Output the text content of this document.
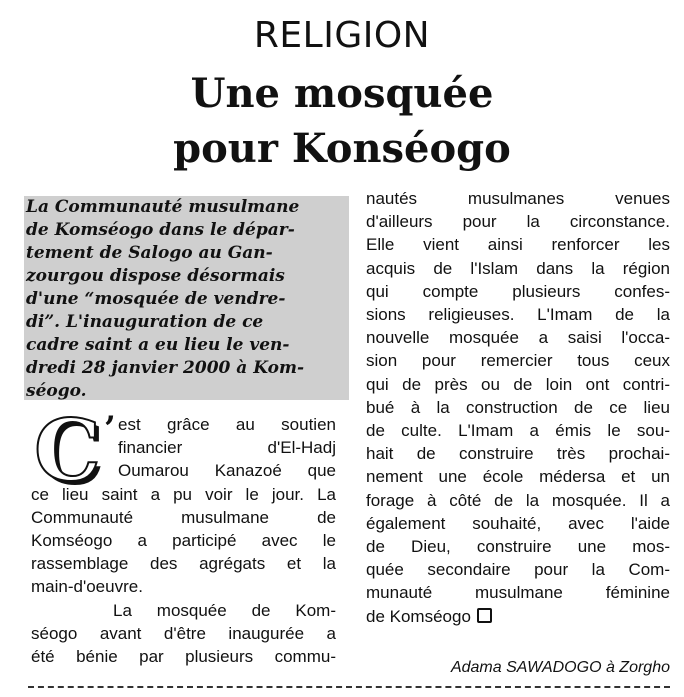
RELIGION
Une mosquée
pour Konséogo
La Communauté musulmane
de Komséogo dans le dépar-
tement de Salogo au Gan-
zourgou dispose désormais
d'une “mosquée de vendre-
di”. L'inauguration de ce
cadre saint a eu lieu le ven-
dredi 28 janvier 2000 à Kom-
séogo.
C ’ est grâce au soutien
financier d'El-Hadj
Oumarou Kanazoé que
ce lieu saint a pu voir le jour. La
Communauté musulmane de
Komséogo a participé avec le
rassemblage des agrégats et la
main-d'oeuvre.
La mosquée de Kom-
séogo avant d'être inaugurée a
été bénie par plusieurs commu-
nautés musulmanes venues
d'ailleurs pour la circonstance.
Elle vient ainsi renforcer les
acquis de l'Islam dans la région
qui compte plusieurs confes-
sions religieuses. L'Imam de la
nouvelle mosquée a saisi l'occa-
sion pour remercier tous ceux
qui de près ou de loin ont contri-
bué à la construction de ce lieu
de culte. L'Imam a émis le sou-
hait de construire très prochai-
nement une école médersa et un
forage à côté de la mosquée. Il a
également souhaité, avec l'aide
de Dieu, construire une mos-
quée secondaire pour la Com-
munauté musulmane féminine
de Komséogo
Adama SAWADOGO à Zorgho
